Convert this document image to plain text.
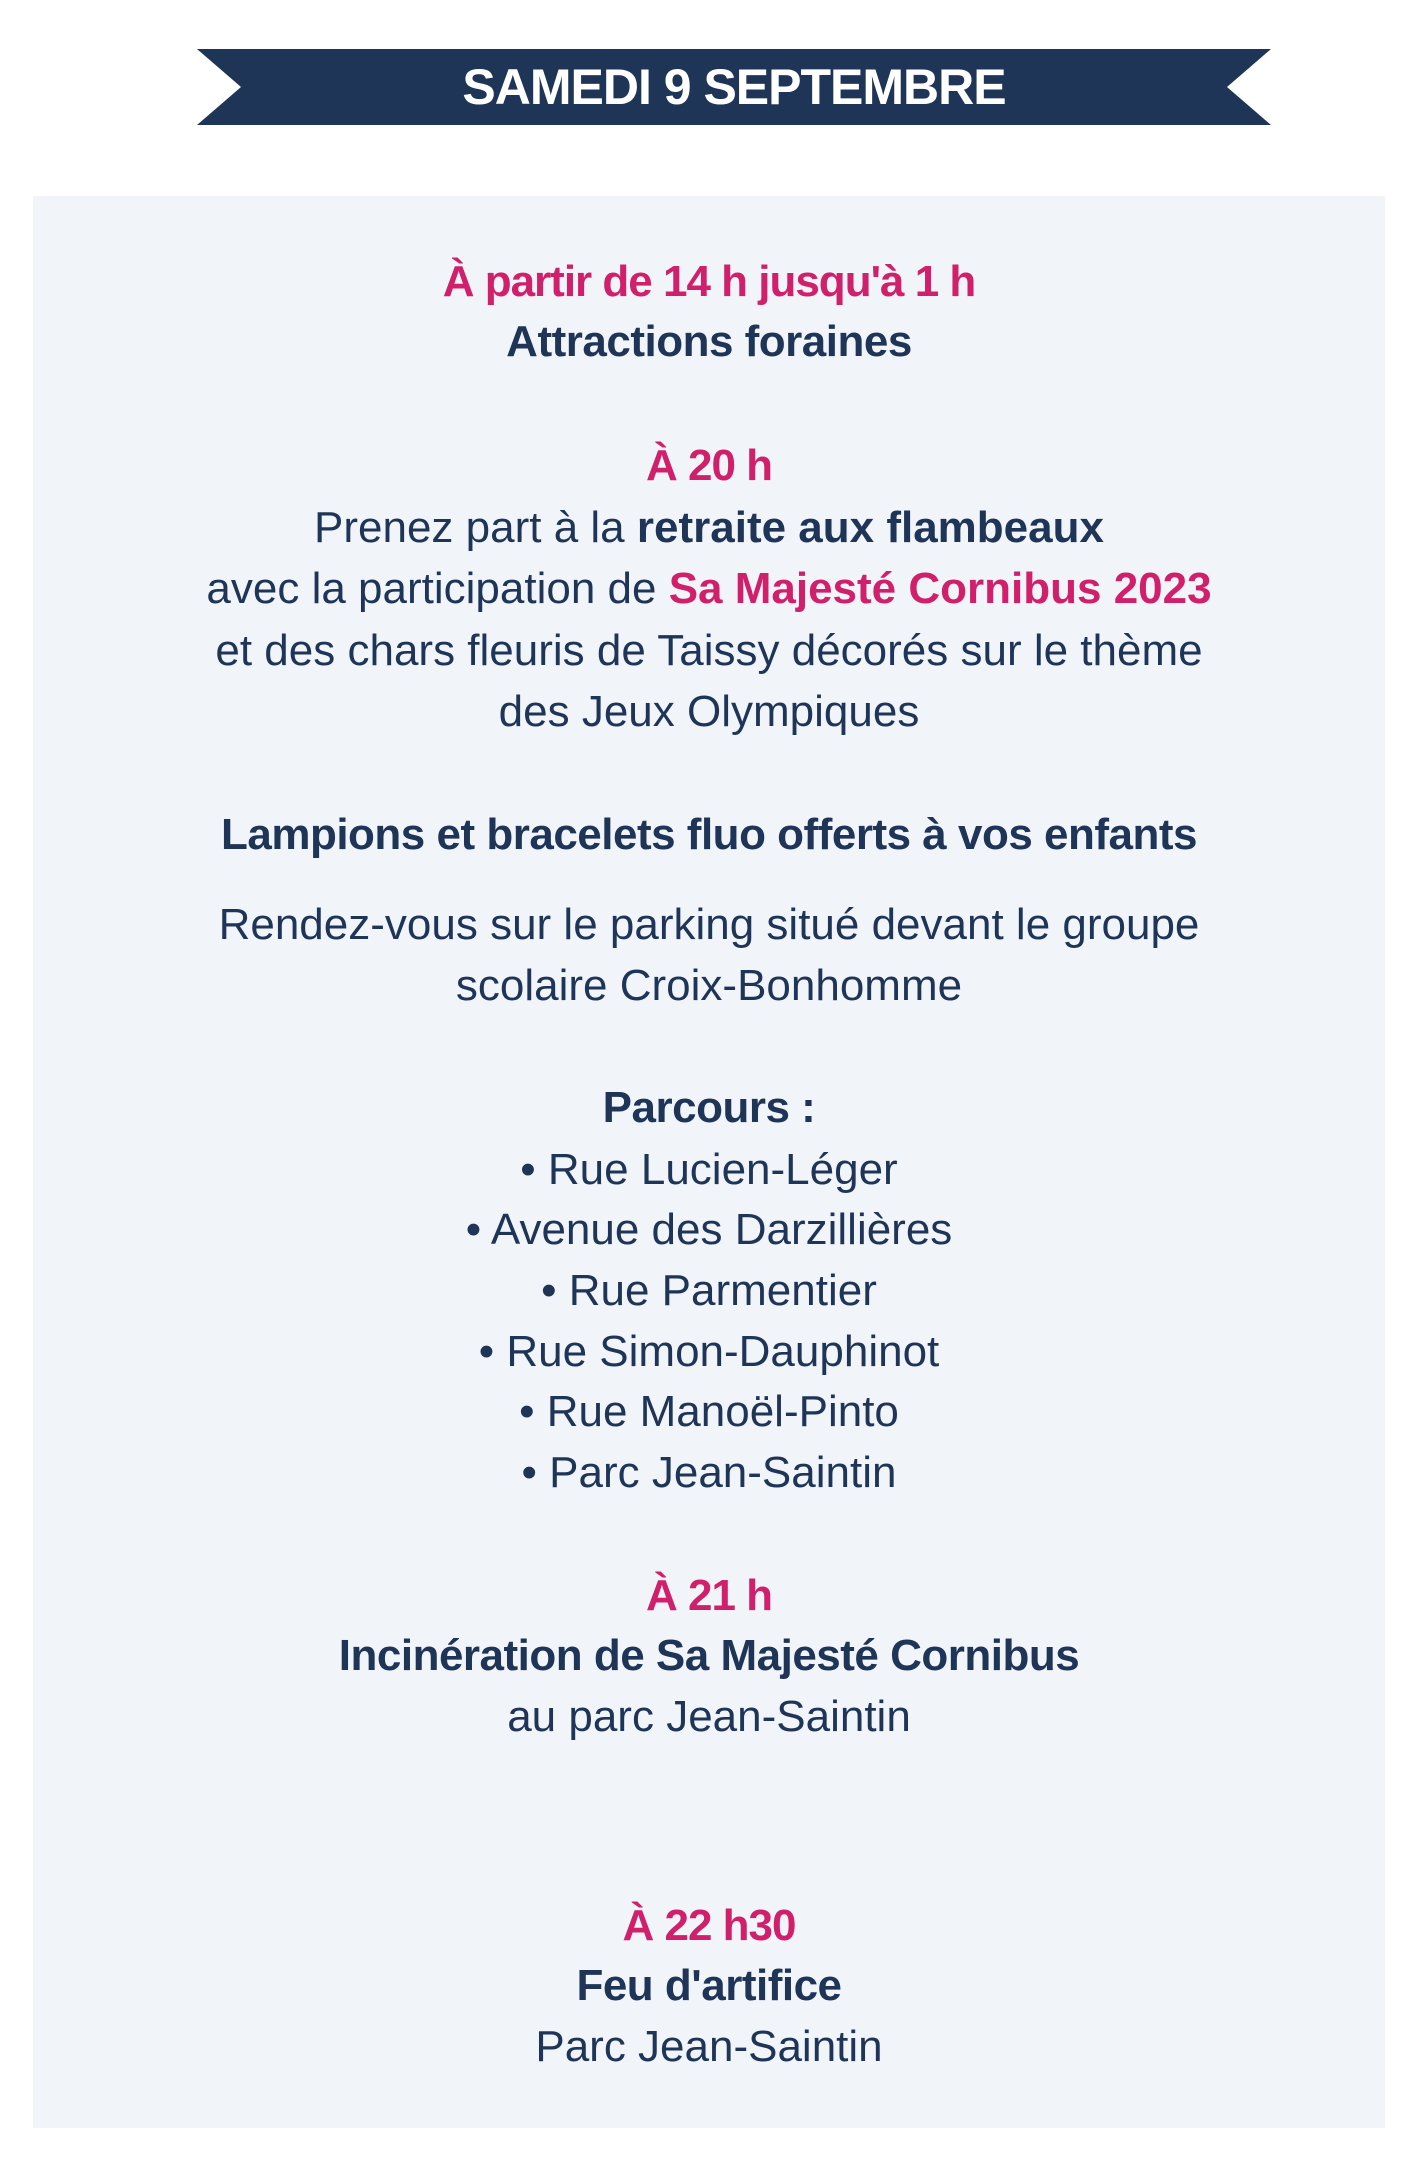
SAMEDI 9 SEPTEMBRE
À partir de 14 h jusqu'à 1 h
Attractions foraines
À 20 h
Prenez part à la retraite aux flambeaux
avec la participation de Sa Majesté Cornibus 2023
et des chars fleuris de Taissy décorés sur le thème
des Jeux Olympiques
Lampions et bracelets fluo offerts à vos enfants
Rendez-vous sur le parking situé devant le groupe
scolaire Croix-Bonhomme
Parcours :
• Rue Lucien-Léger
• Avenue des Darzillières
• Rue Parmentier
• Rue Simon-Dauphinot
• Rue Manoël-Pinto
• Parc Jean-Saintin
À 21 h
Incinération de Sa Majesté Cornibus
au parc Jean-Saintin
À 22 h30
Feu d'artifice
Parc Jean-Saintin
